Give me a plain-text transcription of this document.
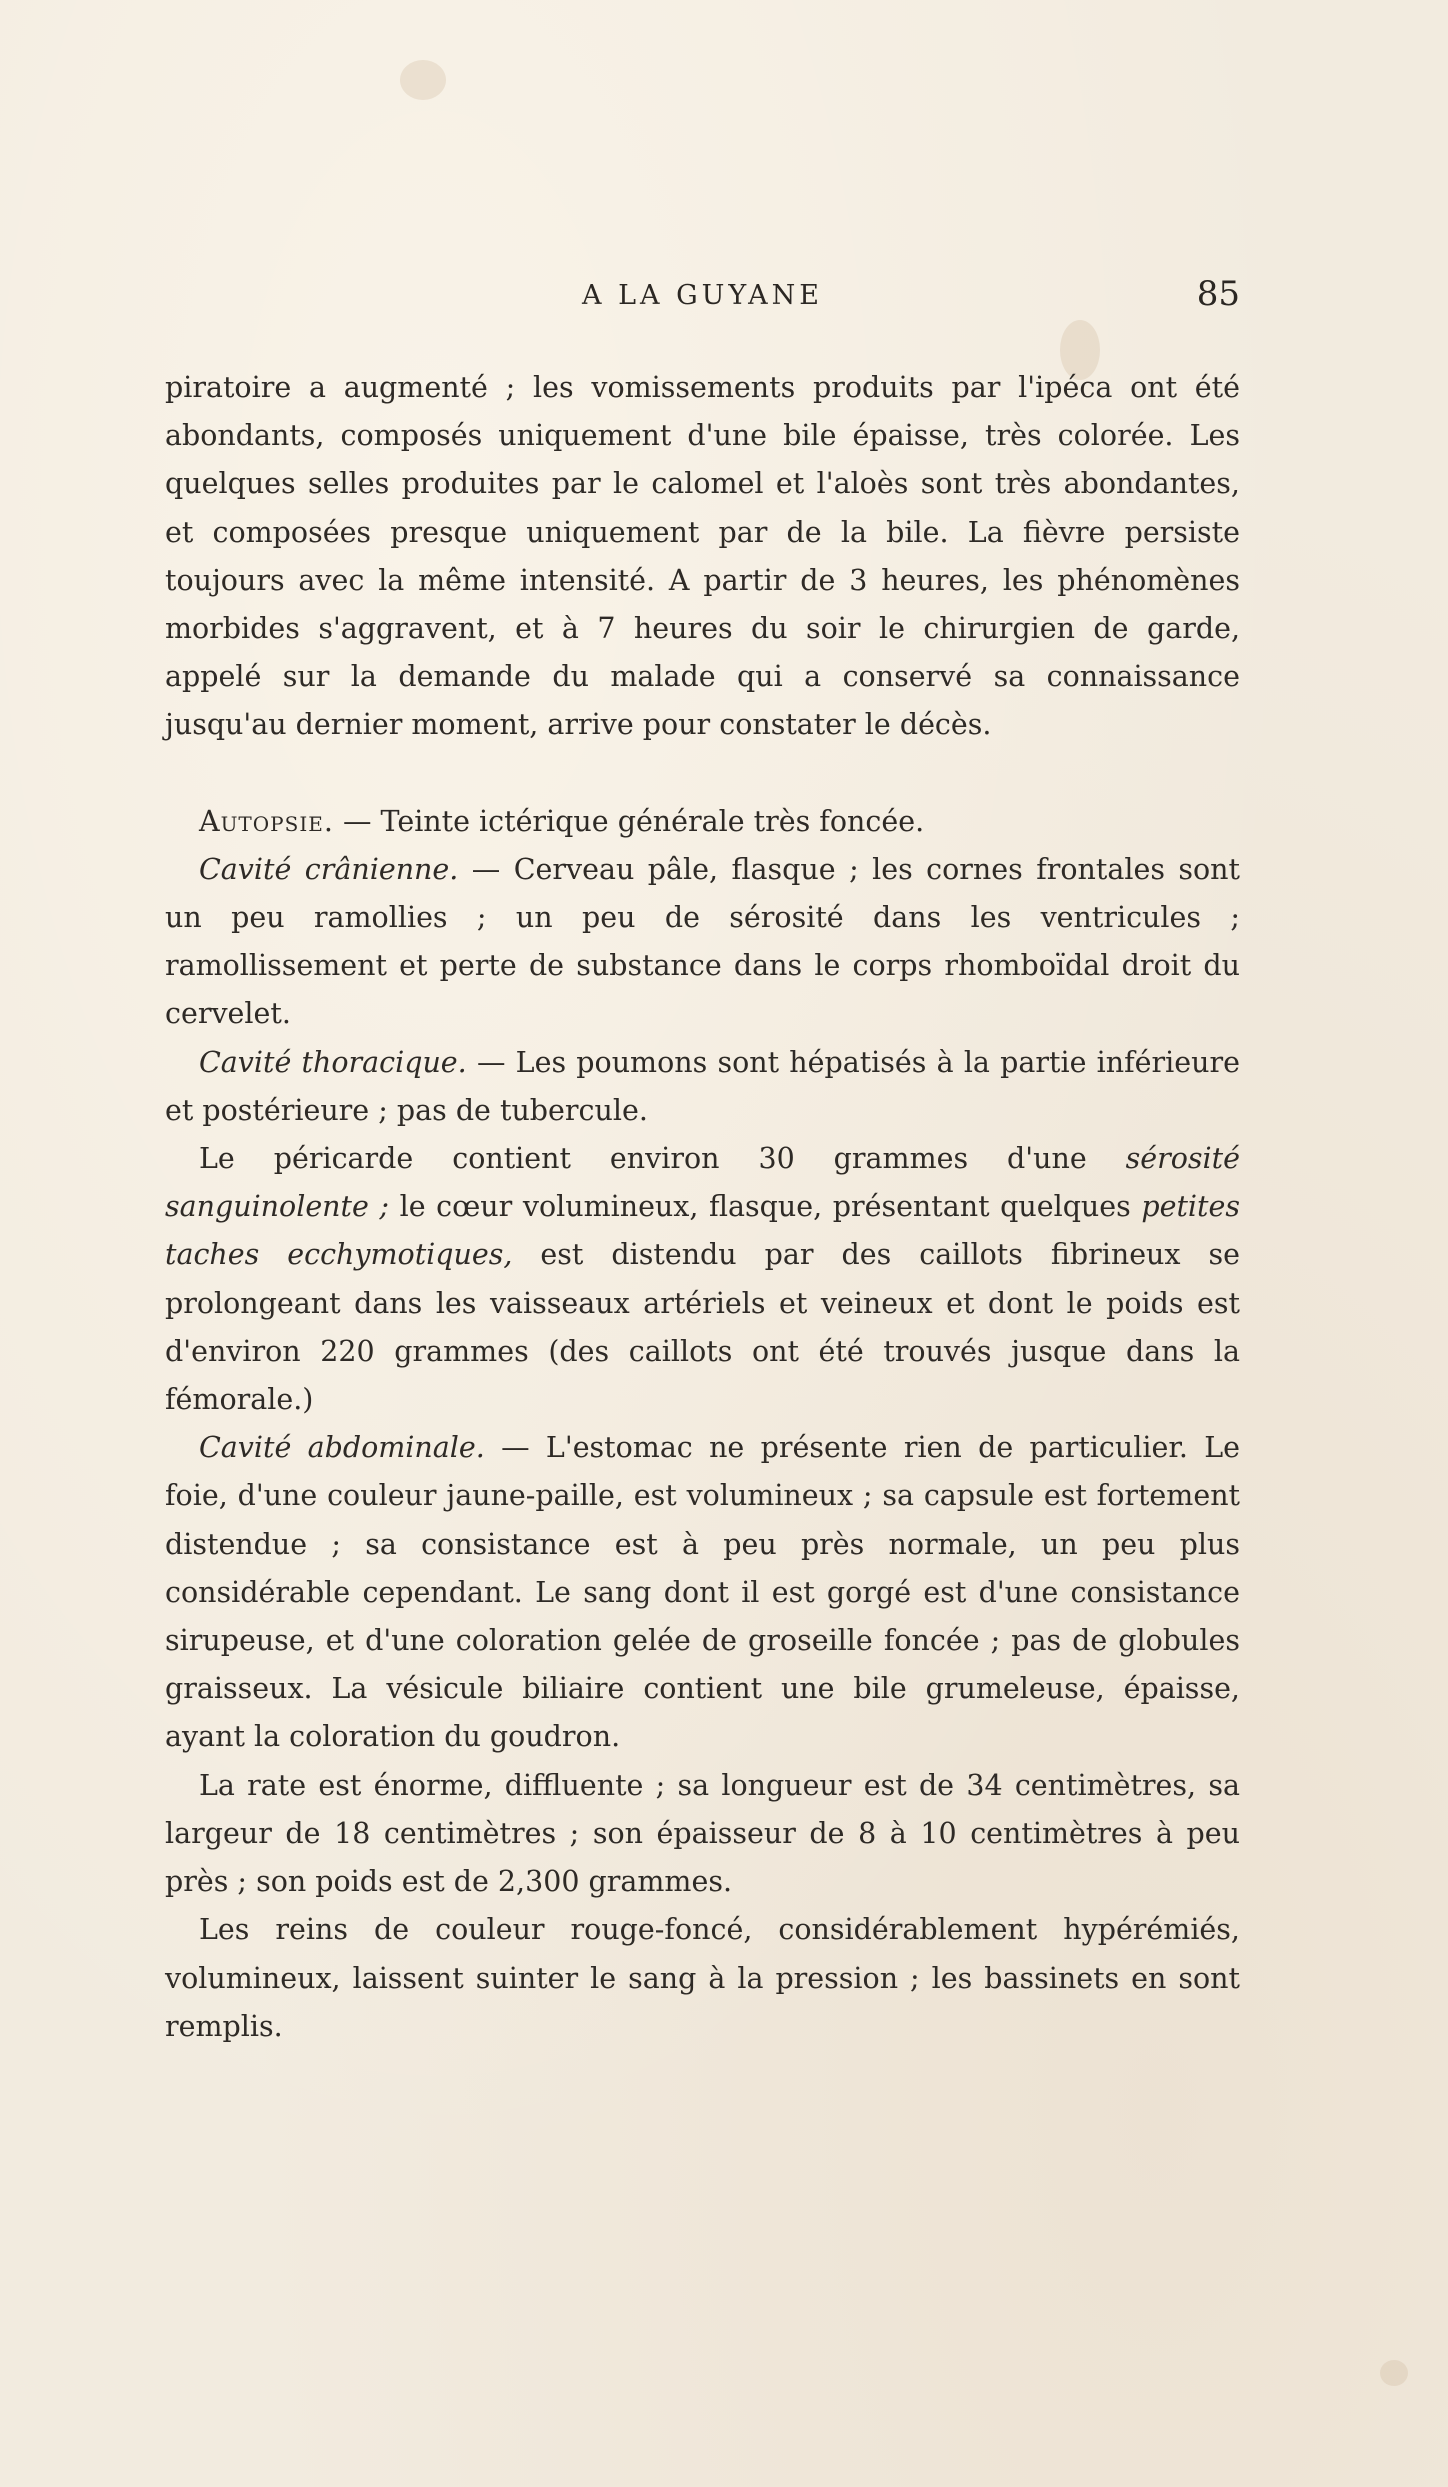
A LA GUYANE	85

piratoire a augmenté ; les vomissements produits par l'ipéca ont été abondants, composés uniquement d'une bile épaisse, très colorée. Les quelques selles produites par le calomel et l'aloès sont très abondantes, et composées presque uniquement par de la bile. La fièvre persiste toujours avec la même intensité. A partir de 3 heures, les phénomènes morbides s'aggravent, et à 7 heures du soir le chirurgien de garde, appelé sur la demande du malade qui a conservé sa connaissance jusqu'au dernier moment, arrive pour constater le décès.

Autopsie. — Teinte ictérique générale très foncée.

Cavité crânienne. — Cerveau pâle, flasque ; les cornes frontales sont un peu ramollies ; un peu de sérosité dans les ventricules ; ramollissement et perte de substance dans le corps rhomboïdal droit du cervelet.

Cavité thoracique. — Les poumons sont hépatisés à la partie inférieure et postérieure ; pas de tubercule.

Le péricarde contient environ 30 grammes d'une sérosité sanguinolente ; le cœur volumineux, flasque, présentant quelques petites taches ecchymotiques, est distendu par des caillots fibrineux se prolongeant dans les vaisseaux artériels et veineux et dont le poids est d'environ 220 grammes (des caillots ont été trouvés jusque dans la fémorale.)

Cavité abdominale. — L'estomac ne présente rien de particulier. Le foie, d'une couleur jaune-paille, est volumineux ; sa capsule est fortement distendue ; sa consistance est à peu près normale, un peu plus considérable cependant. Le sang dont il est gorgé est d'une consistance sirupeuse, et d'une coloration gelée de groseille foncée ; pas de globules graisseux. La vésicule biliaire contient une bile grumeleuse, épaisse, ayant la coloration du goudron.

La rate est énorme, diffluente ; sa longueur est de 34 centimètres, sa largeur de 18 centimètres ; son épaisseur de 8 à 10 centimètres à peu près ; son poids est de 2,300 grammes.

Les reins de couleur rouge-foncé, considérablement hypérémiés, volumineux, laissent suinter le sang à la pression ; les bassinets en sont remplis.
